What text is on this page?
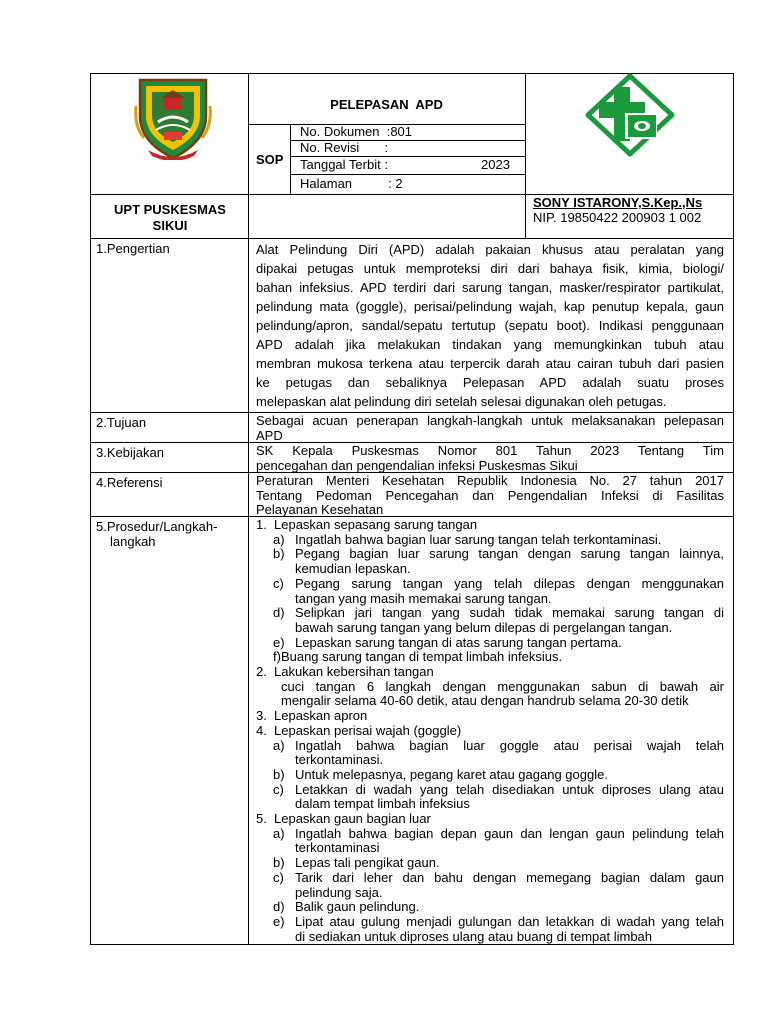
PELEPASAN  APD
SOP
No. Dokumen  :801
No. Revisi       :
Tanggal Terbit :	2023
Halaman          : 2
UPT PUSKESMAS SIKUI
SONY ISTARONY,S.Kep.,Ns
NIP. 19850422 200903 1 002
1.Pengertian
2.Tujuan
3.Kebijakan
4.Referensi
5.Prosedur/Langkah-
langkah
Alat Pelindung Diri (APD) adalah pakaian khusus atau peralatan yang
dipakai petugas untuk memproteksi diri dari bahaya fisik, kimia, biologi/
bahan infeksius. APD terdiri dari sarung tangan, masker/respirator partikulat,
pelindung mata (goggle), perisai/pelindung wajah, kap penutup kepala, gaun
pelindung/apron, sandal/sepatu tertutup (sepatu boot). Indikasi penggunaan
APD adalah jika melakukan tindakan yang memungkinkan tubuh atau
membran mukosa terkena atau terpercik darah atau cairan tubuh dari pasien
ke petugas dan sebaliknya Pelepasan APD adalah suatu proses
melepaskan alat pelindung diri setelah selesai digunakan oleh petugas.
Sebagai acuan penerapan langkah-langkah untuk melaksanakan pelepasan
APD
SK Kepala Puskesmas Nomor 801 Tahun 2023 Tentang Tim
pencegahan dan pengendalian infeksi Puskesmas Sikui
Peraturan Menteri Kesehatan Republik Indonesia No. 27 tahun 2017
Tentang Pedoman Pencegahan dan Pengendalian Infeksi di Fasilitas
Pelayanan Kesehatan
1. Lepaskan sepasang sarung tangan
a) Ingatlah bahwa bagian luar sarung tangan telah terkontaminasi.
b) Pegang bagian luar sarung tangan dengan sarung tangan lainnya,
kemudian lepaskan.
c) Pegang sarung tangan yang telah dilepas dengan menggunakan
tangan yang masih memakai sarung tangan.
d) Selipkan jari tangan yang sudah tidak memakai sarung tangan di
bawah sarung tangan yang belum dilepas di pergelangan tangan.
e) Lepaskan sarung tangan di atas sarung tangan pertama.
f)Buang sarung tangan di tempat limbah infeksius.
2. Lakukan kebersihan tangan
cuci tangan 6 langkah dengan menggunakan sabun di bawah air
mengalir selama 40-60 detik, atau dengan handrub selama 20-30 detik
3. Lepaskan apron
4. Lepaskan perisai wajah (goggle)
a) Ingatlah bahwa bagian luar goggle atau perisai wajah telah
terkontaminasi.
b) Untuk melepasnya, pegang karet atau gagang goggle.
c) Letakkan di wadah yang telah disediakan untuk diproses ulang atau
dalam tempat limbah infeksius
5. Lepaskan gaun bagian luar
a) Ingatlah bahwa bagian depan gaun dan lengan gaun pelindung telah
terkontaminasi
b) Lepas tali pengikat gaun.
c) Tarik dari leher dan bahu dengan memegang bagian dalam gaun
pelindung saja.
d) Balik gaun pelindung.
e) Lipat atau gulung menjadi gulungan dan letakkan di wadah yang telah
di sediakan untuk diproses ulang atau buang di tempat limbah
